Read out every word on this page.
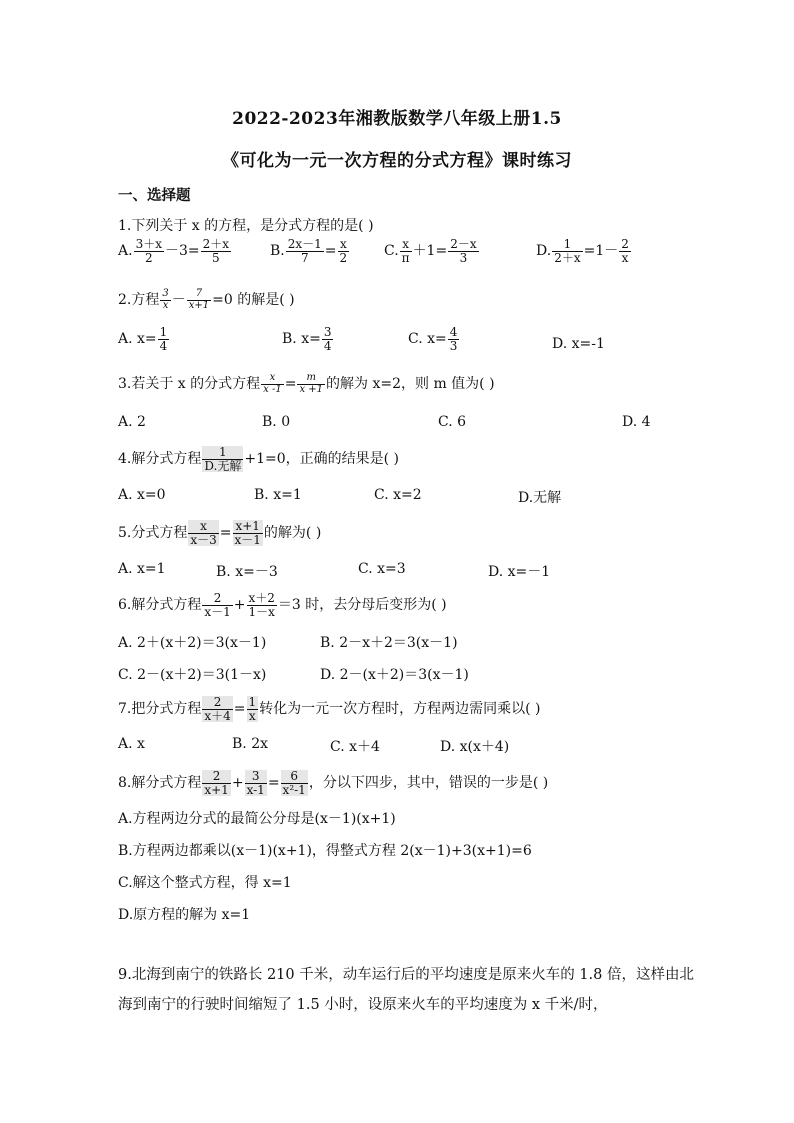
2022-2023年湘教版数学八年级上册1.5
《可化为一元一次方程的分式方程》课时练习
一、选择题
1.下列关于 x 的方程，是分式方程的是( )
A. $\frac{3+x}{2} -3= \frac{2+x}{5}$	B. $\frac{2x-1}{7} = \frac{x}{2} C$. $\frac{x}{\pi} +1= \frac{2-x}{3}$	D. $\frac{1}{2+x} =1- \frac{2}{x}$
2.方程 $\frac{3}{x} - \frac{7}{x+1} =0$ 的解是( )
A. $x= \frac{1}{4}$	B. $x= \frac{3}{4}$	C. $x= \frac{4}{3}$	D. x=-1
3.若关于 x 的分式方程 $\frac{x}{x -1} = \frac{m}{x +1}$ 的解为 x=2，则 m 值为( )
A. 2	B. 0	C. 6	D. 4
4.解分式方程 $\frac{1}{\text{D.无解}} +1=0$，正确的结果是( )
A. x=0	B. x=1	C. x=2	D.无解
5.分式方程 $\frac{x}{x-3} = \frac{x+1}{x-1}$ 的解为( )
A. x=1	B. x=－3	C. x=3	D. x=－1
6.解分式方程 $\frac{2}{x-1} + \frac{x+2}{1-x} =3$ 时，去分母后变形为( )
A. 2＋(x＋2)＝3(x－1)	B. 2－x＋2＝3(x－1)
C. 2－(x＋2)＝3(1－x)	D. 2－(x＋2)＝3(x－1)
7.把分式方程 $\frac{2}{x+4} = \frac{1}{x}$ 转化为一元一次方程时，方程两边需同乘以( )
A. x	B. 2x	C. x＋4	D. x(x＋4)
8.解分式方程 $\frac{2}{x+1} + \frac{3}{x-1} = \frac{6}{\text{x²-1}}$ ，分以下四步，其中，错误的一步是( )
A.方程两边分式的最简公分母是(x－1)(x+1)
B.方程两边都乘以(x－1)(x+1)，得整式方程 2(x－1)+3(x+1)=6
C.解这个整式方程，得 x=1
D.原方程的解为 x=1
9.北海到南宁的铁路长 210 千米，动车运行后的平均速度是原来火车的 1.8 倍，这样由北海到南宁的行驶时间缩短了 1.5 小时，设原来火车的平均速度为 x 千米/时，
